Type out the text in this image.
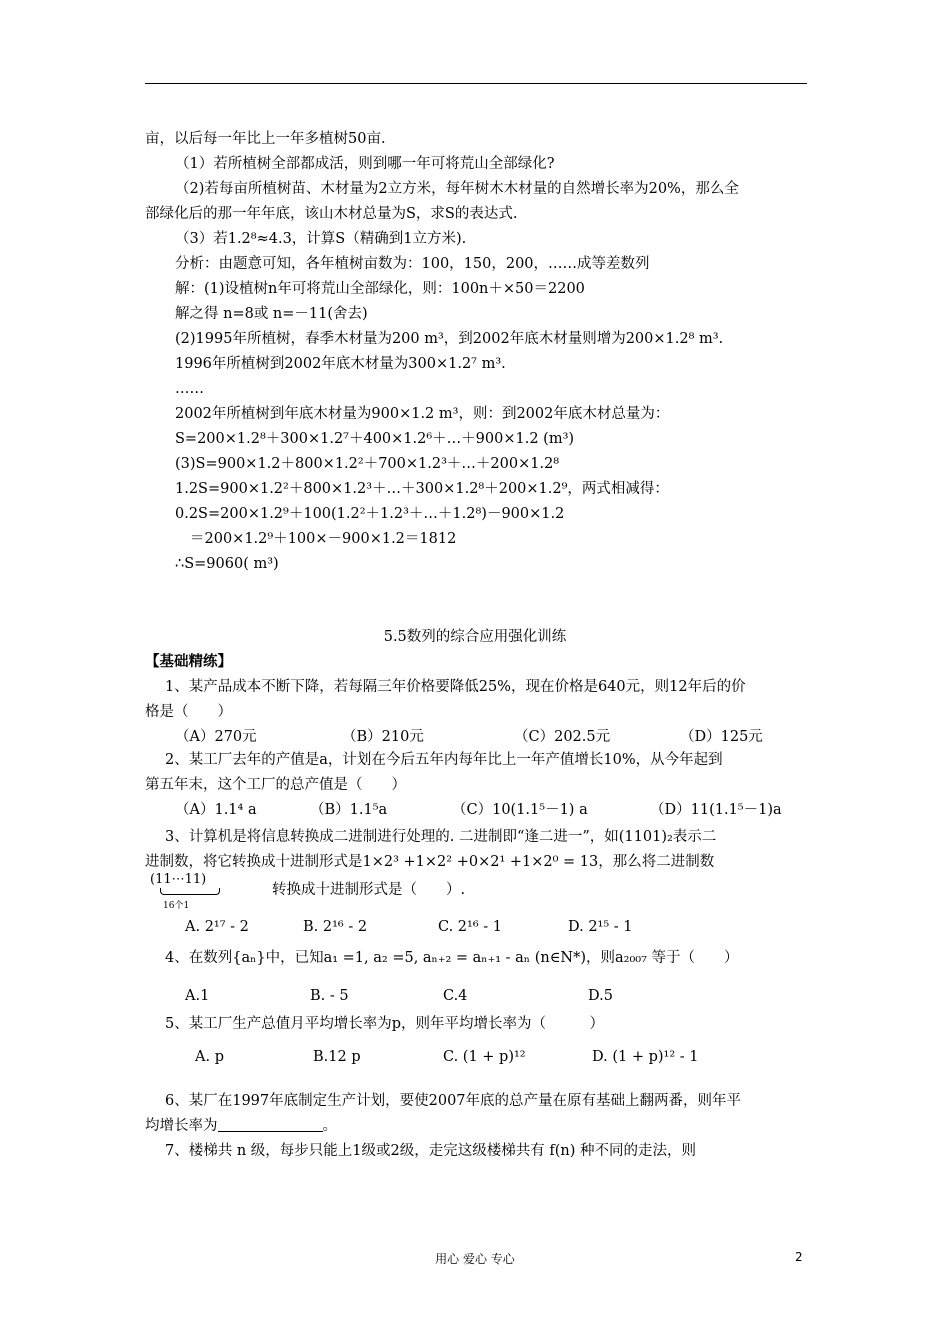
亩，以后每一年比上一年多植树50亩.
（1）若所植树全部都成活，则到哪一年可将荒山全部绿化?
（2)若每亩所植树苗、木材量为2立方米，每年树木木材量的自然增长率为20%，那么全
部绿化后的那一年年底，该山木材总量为S，求S的表达式.
（3）若1.2⁸≈4.3，计算S（精确到1立方米).
分析：由题意可知，各年植树亩数为：100，150，200，……成等差数列
解：(1)设植树n年可将荒山全部绿化，则：100n＋×50＝2200
解之得 n=8或 n=－11(舍去)
(2)1995年所植树，春季木材量为200 m³，到2002年底木材量则增为200×1.2⁸ m³.
1996年所植树到2002年底木材量为300×1.2⁷ m³.
……
2002年所植树到年底木材量为900×1.2 m³，则：到2002年底木材总量为：
S=200×1.2⁸＋300×1.2⁷＋400×1.2⁶＋…＋900×1.2 (m³)
(3)S=900×1.2＋800×1.2²＋700×1.2³＋…＋200×1.2⁸
1.2S=900×1.2²＋800×1.2³＋…＋300×1.2⁸＋200×1.2⁹，两式相减得：
0.2S=200×1.2⁹＋100(1.2²＋1.2³＋…＋1.2⁸)－900×1.2
＝200×1.2⁹＋100×－900×1.2＝1812
∴S=9060( m³)
5.5数列的综合应用强化训练
【基础精练】
1、某产品成本不断下降，若每隔三年价格要降低25%，现在价格是640元，则12年后的价
格是（　　）
（A）270元	（B）210元	（C）202.5元	（D）125元
2、某工厂去年的产值是a，计划在今后五年内每年比上一年产值增长10%，从今年起到
第五年末，这个工厂的总产值是（　　）
（A）1.1⁴ a	（B）1.1⁵a	（C）10(1.1⁵－1) a	（D）11(1.1⁵－1)a
3、计算机是将信息转换成二进制进行处理的. 二进制即“逢二进一”，如(1101)₂表示二
进制数，将它转换成十进制形式是1×2³ +1×2² +0×2¹ +1×2⁰ = 13，那么将二进制数
(11⋯11)
16个1
转换成十进制形式是（　　）.
A. 2¹⁷ - 2	B. 2¹⁶ - 2	C. 2¹⁶ - 1	D. 2¹⁵ - 1
4、在数列{aₙ}中，已知a₁ =1, a₂ =5, aₙ₊₂ = aₙ₊₁ - aₙ (n∈N*)，则a₂₀₀₇ 等于（　　）
A.1	B. - 5	C.4	D.5
5、某工厂生产总值月平均增长率为p，则年平均增长率为（　　　）
A. p	B.12 p	C. (1 + p)¹²	D. (1 + p)¹² - 1
6、某厂在1997年底制定生产计划，要使2007年底的总产量在原有基础上翻两番，则年平
均增长率为	。
7、楼梯共 n 级，每步只能上1级或2级，走完这级楼梯共有 f(n) 种不同的走法，则
用心 爱心 专心	2
